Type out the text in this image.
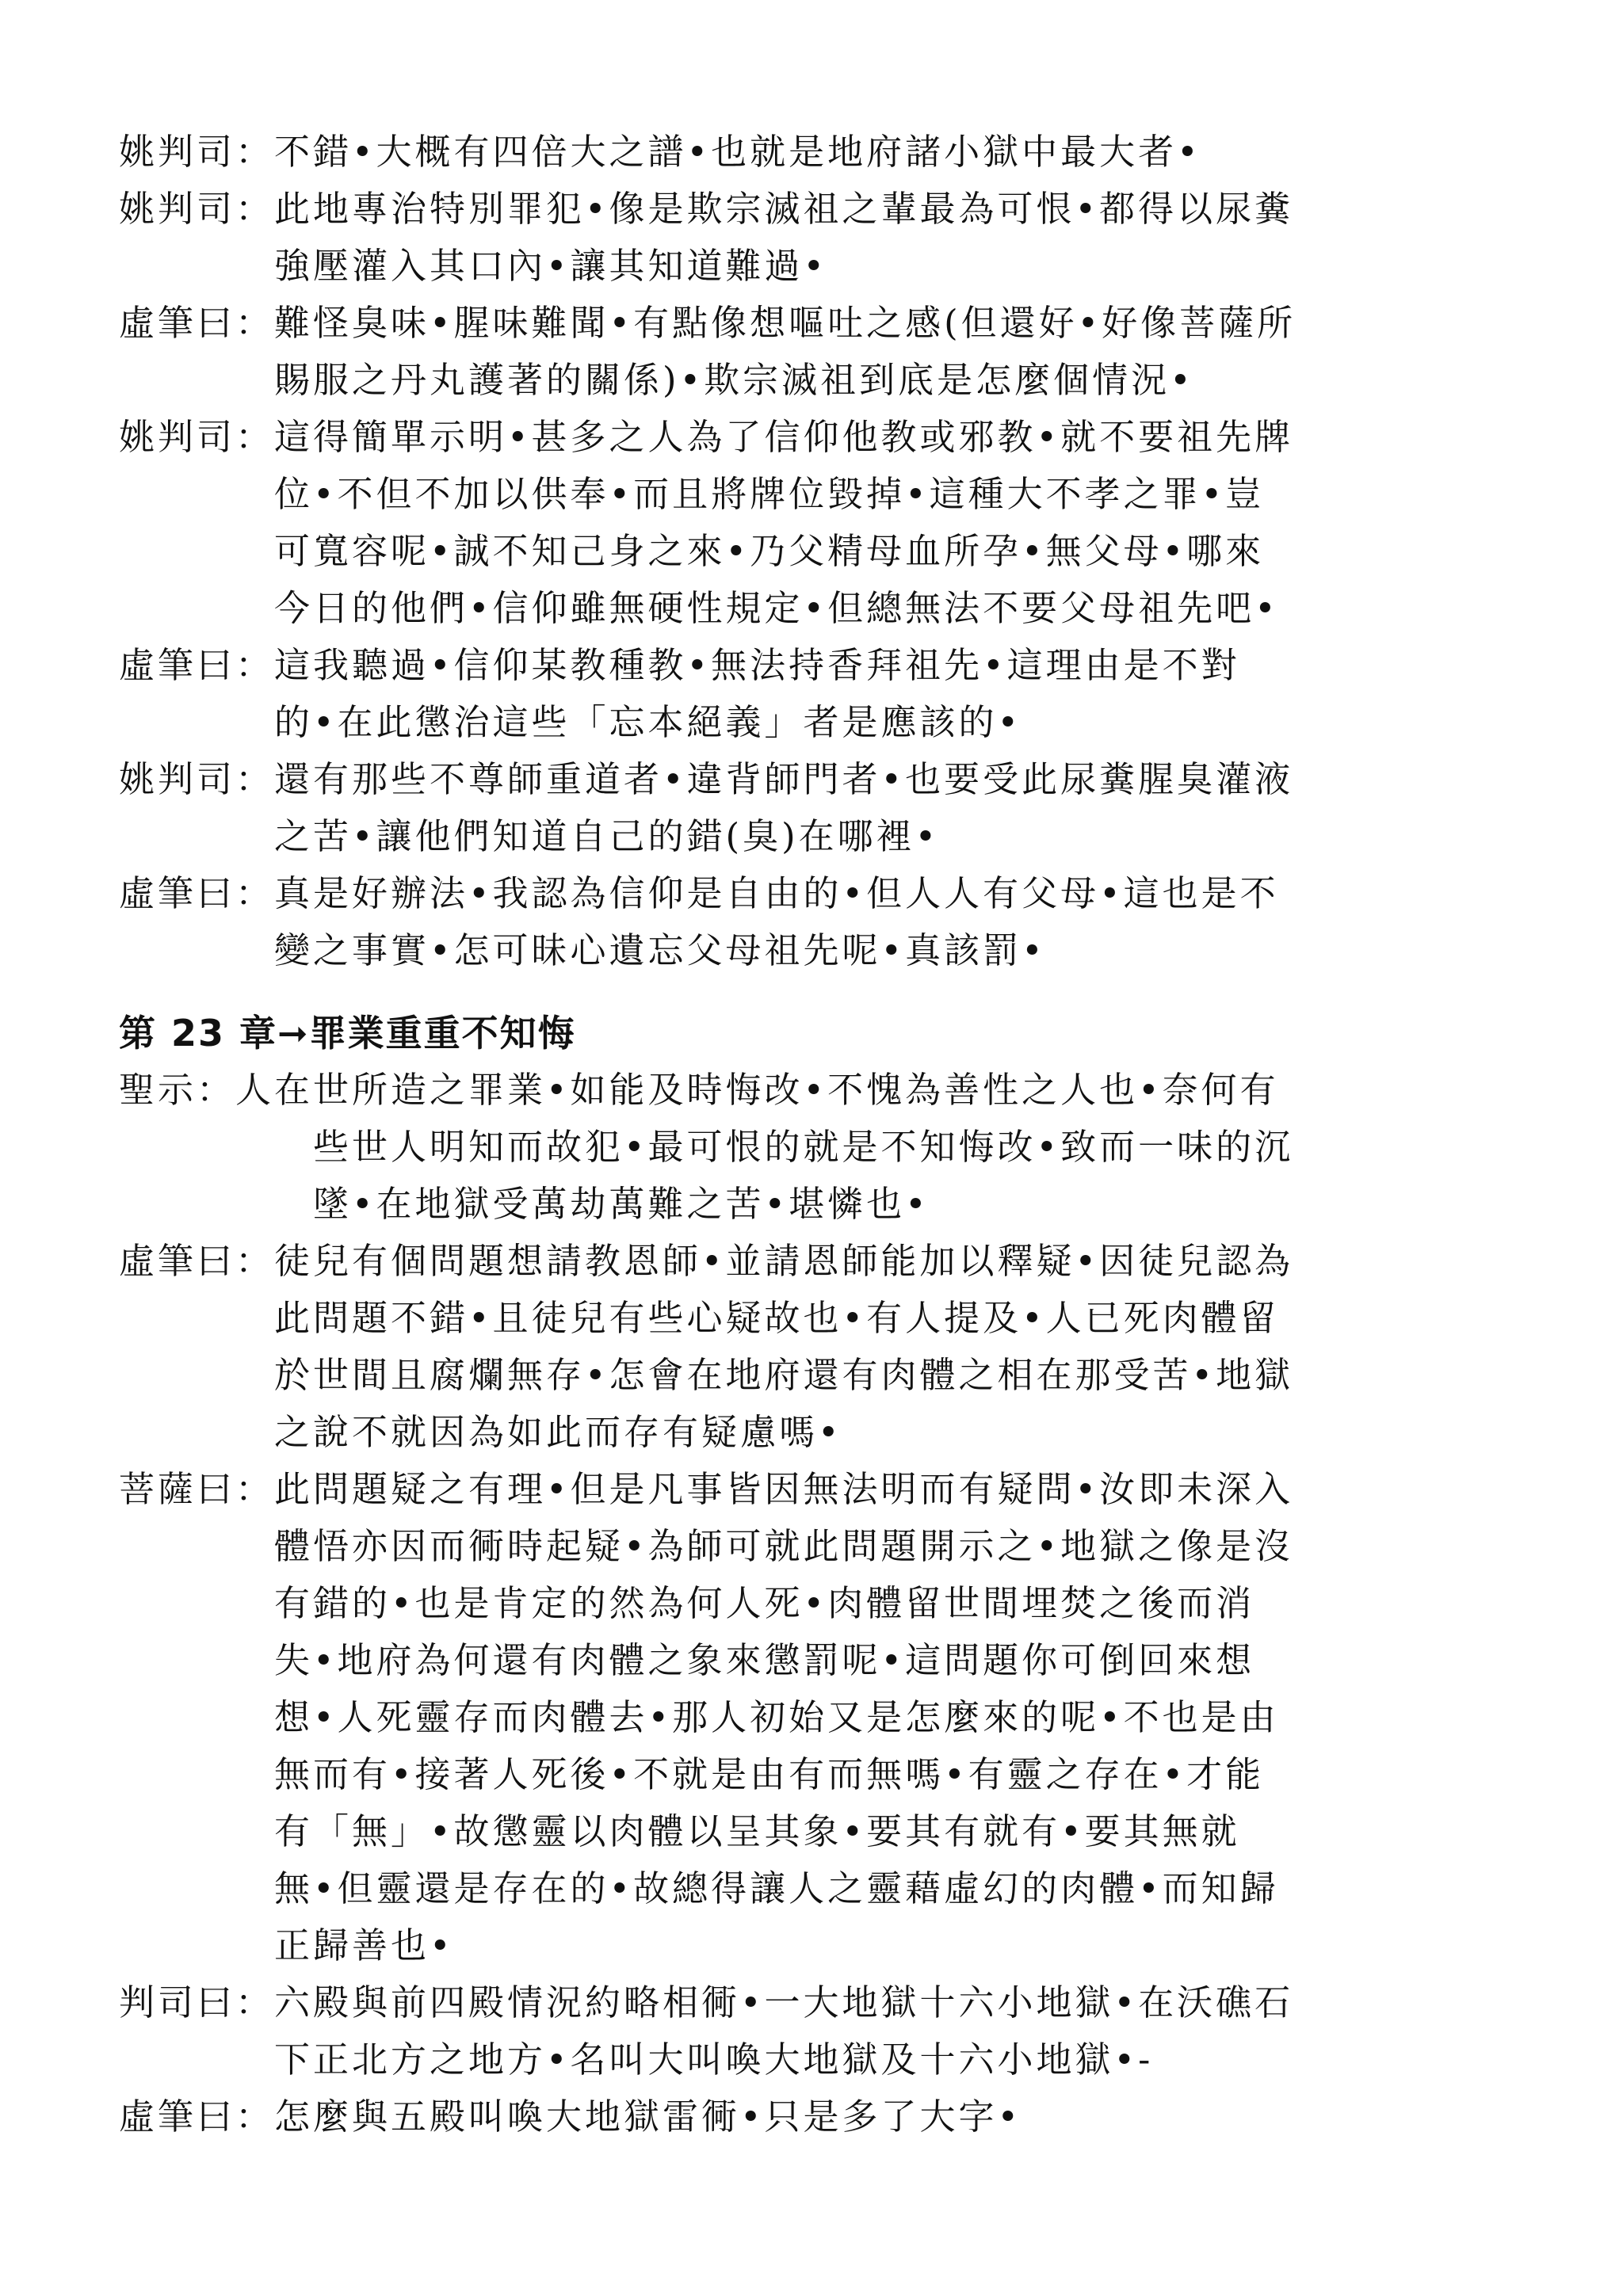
姚判司： 不錯•大概有四倍大之譜•也就是地府諸小獄中最大者•
姚判司： 此地專治特別罪犯•像是欺宗滅祖之輩最為可恨•都得以尿糞
強壓灌入其口內•讓其知道難過•
虛筆曰： 難怪臭味•腥味難聞•有點像想嘔吐之感(但還好•好像菩薩所
賜服之丹丸護著的關係)•欺宗滅祖到底是怎麼個情況•
姚判司： 這得簡單示明•甚多之人為了信仰他教或邪教•就不要祖先牌
位•不但不加以供奉•而且將牌位毀掉•這種大不孝之罪•豈
可寬容呢•誠不知己身之來•乃父精母血所孕•無父母•哪來
今日的他們•信仰雖無硬性規定•但總無法不要父母祖先吧•
虛筆曰： 這我聽過•信仰某教種教•無法持香拜祖先•這理由是不對
的•在此懲治這些「忘本絕義」者是應該的•
姚判司： 還有那些不尊師重道者•違背師門者•也要受此尿糞腥臭灌液
之苦•讓他們知道自己的錯(臭)在哪裡•
虛筆曰： 真是好辦法•我認為信仰是自由的•但人人有父母•這也是不
變之事實•怎可昧心遺忘父母祖先呢•真該罰•
第 23 章➞罪業重重不知悔
聖示： 人在世所造之罪業•如能及時悔改•不愧為善性之人也•奈何有
　　些世人明知而故犯•最可恨的就是不知悔改•致而一味的沉
　　墜•在地獄受萬劫萬難之苦•堪憐也•
虛筆曰： 徒兒有個問題想請教恩師•並請恩師能加以釋疑•因徒兒認為
此問題不錯•且徒兒有些心疑故也•有人提及•人已死肉體留
於世間且腐爛無存•怎會在地府還有肉體之相在那受苦•地獄
之說不就因為如此而存有疑慮嗎•
菩薩曰： 此問題疑之有理•但是凡事皆因無法明而有疑問•汝即未深入
體悟亦因而衕時起疑•為師可就此問題開示之•地獄之像是沒
有錯的•也是肯定的然為何人死•肉體留世間埋焚之後而消
失•地府為何還有肉體之象來懲罰呢•這問題你可倒回來想
想•人死靈存而肉體去•那人初始又是怎麼來的呢•不也是由
無而有•接著人死後•不就是由有而無嗎•有靈之存在•才能
有「無」•故懲靈以肉體以呈其象•要其有就有•要其無就
無•但靈還是存在的•故總得讓人之靈藉虛幻的肉體•而知歸
正歸善也•
判司曰： 六殿與前四殿情況約略相衕•一大地獄十六小地獄•在沃礁石
下正北方之地方•名叫大叫喚大地獄及十六小地獄•-
虛筆曰： 怎麼與五殿叫喚大地獄雷衕•只是多了大字•
